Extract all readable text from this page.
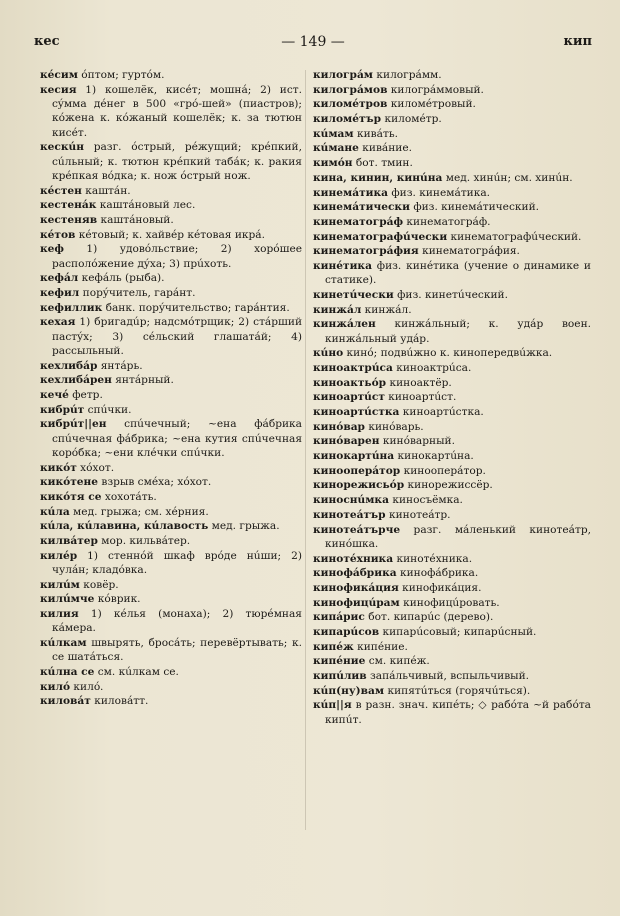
кес	— 149 —	кип

кéсим óптом; гуртóм.

кесия 1) кошелёк, кисéт; мошнá; 2) ист. сýмма дéнег в 500 «грó-шей» (пиастров); кóжена к. кóжаный кошелёк; к. за тютюн кисéт.

кескúн разг. óстрый, рéжущий; крéпкий, сúльный; к. тютюн крéпкий табáк; к. ракия крéпкая вóдка; к. нож óстрый нож.

кéстен каштáн.

кестенáк каштáновый лес.

кестеняв каштáновый.

кéтов кéтовый; к. хайвéр кéтовая икрá.

кеф 1) удовóльствие; 2) хорóшее располóжение дýха; 3) прúхоть.

кефáл кефáль (рыба).

кефил порýчитель, гарáнт.

кефиллик банк. порýчительство; гарáнтия.

кехая 1) бригадúр; надсмóтрщик; 2) стáрший пастýх; 3) сéльский глашатáй; 4) рассыльный.

кехлибáр янтáрь.

кехлибáрен янтáрный.

кечé фетр.

кибрúт спúчки.

кибрúт||ен спúчечный; ~ена фáбрика спúчечная фáбрика; ~ена кутия спúчечная корóбка; ~ени клéчки спúчки.

кикóт хóхот.

кикóтене взрыв смéха; хóхот.

кикóтя се хохотáть.

кúла мед. грыжа; см. хéрния.

кúла, кúлавина, кúлавость мед. грыжа.

килвáтер мор. кильвáтер.

килéр 1) стеннóй шкаф врóде нúши; 2) чулáн; кладóвка.

килúм ковёр.

килúмче кóврик.

килия 1) кéлья (монаха); 2) тюрéмная кáмера.

кúлкам швырять, бросáть; перевёртывать; к. се шатáться.

кúлна се см. кúлкам се.

килó килó.

киловáт киловáтт.

килогрáм килогрáмм.

килогрáмов килогрáммовый.

киломéтров киломéтровый.

киломéтър киломéтр.

кúмам кивáть.

кúмане кивáние.

кимóн бот. тмин.

кина, кинин, кинúна мед. хинúн; см. хинúн.

кинемáтика физ. кинемáтика.

кинемáтически физ. кинемáтический.

кинематогрáф кинематогрáф.

кинематографúчески кинематографúческий.

кинематогрáфия кинематогрáфия.

кинéтика физ. кинéтика (учение о динамике и статике).

кинетúчески физ. кинетúческий.

кинжáл кинжáл.

кинжáлен кинжáльный; к. удáр воен. кинжáльный удáр.

кúно кинó; подвúжно к. кинопередвúжка.

киноактрúса киноактрúса.

киноактьóр киноактёр.

киноартúст киноартúст.

киноартúстка киноартúстка.

кинóвар кинóварь.

кинóварен кинóварный.

кинокартúна кинокартúна.

кинооперáтор кинооперáтор.

кинорежисьóр кинорежиссёр.

киноснúмка киносъёмка.

кинотеáтър кинотеáтр.

кинотеáтърче разг. мáленький кинотеáтр, кинóшка.

кинотéхника кинотéхника.

кинофáбрика кинофáбрика.

кинофикáция кинофикáция.

кинофицúрам кинофицúровать.

кипáрис бот. кипарúс (дерево).

кипарúсов кипарúсовый; кипарúсный.

кипéж кипéние.

кипéние см. кипéж.

кипúлив запáльчивый, вспыльчивый.

кúп(ну)вам кипятúться (горячúться).

кúп||я в разн. знач. кипéть; ◇ рабóта ~й рабóта кипúт.
